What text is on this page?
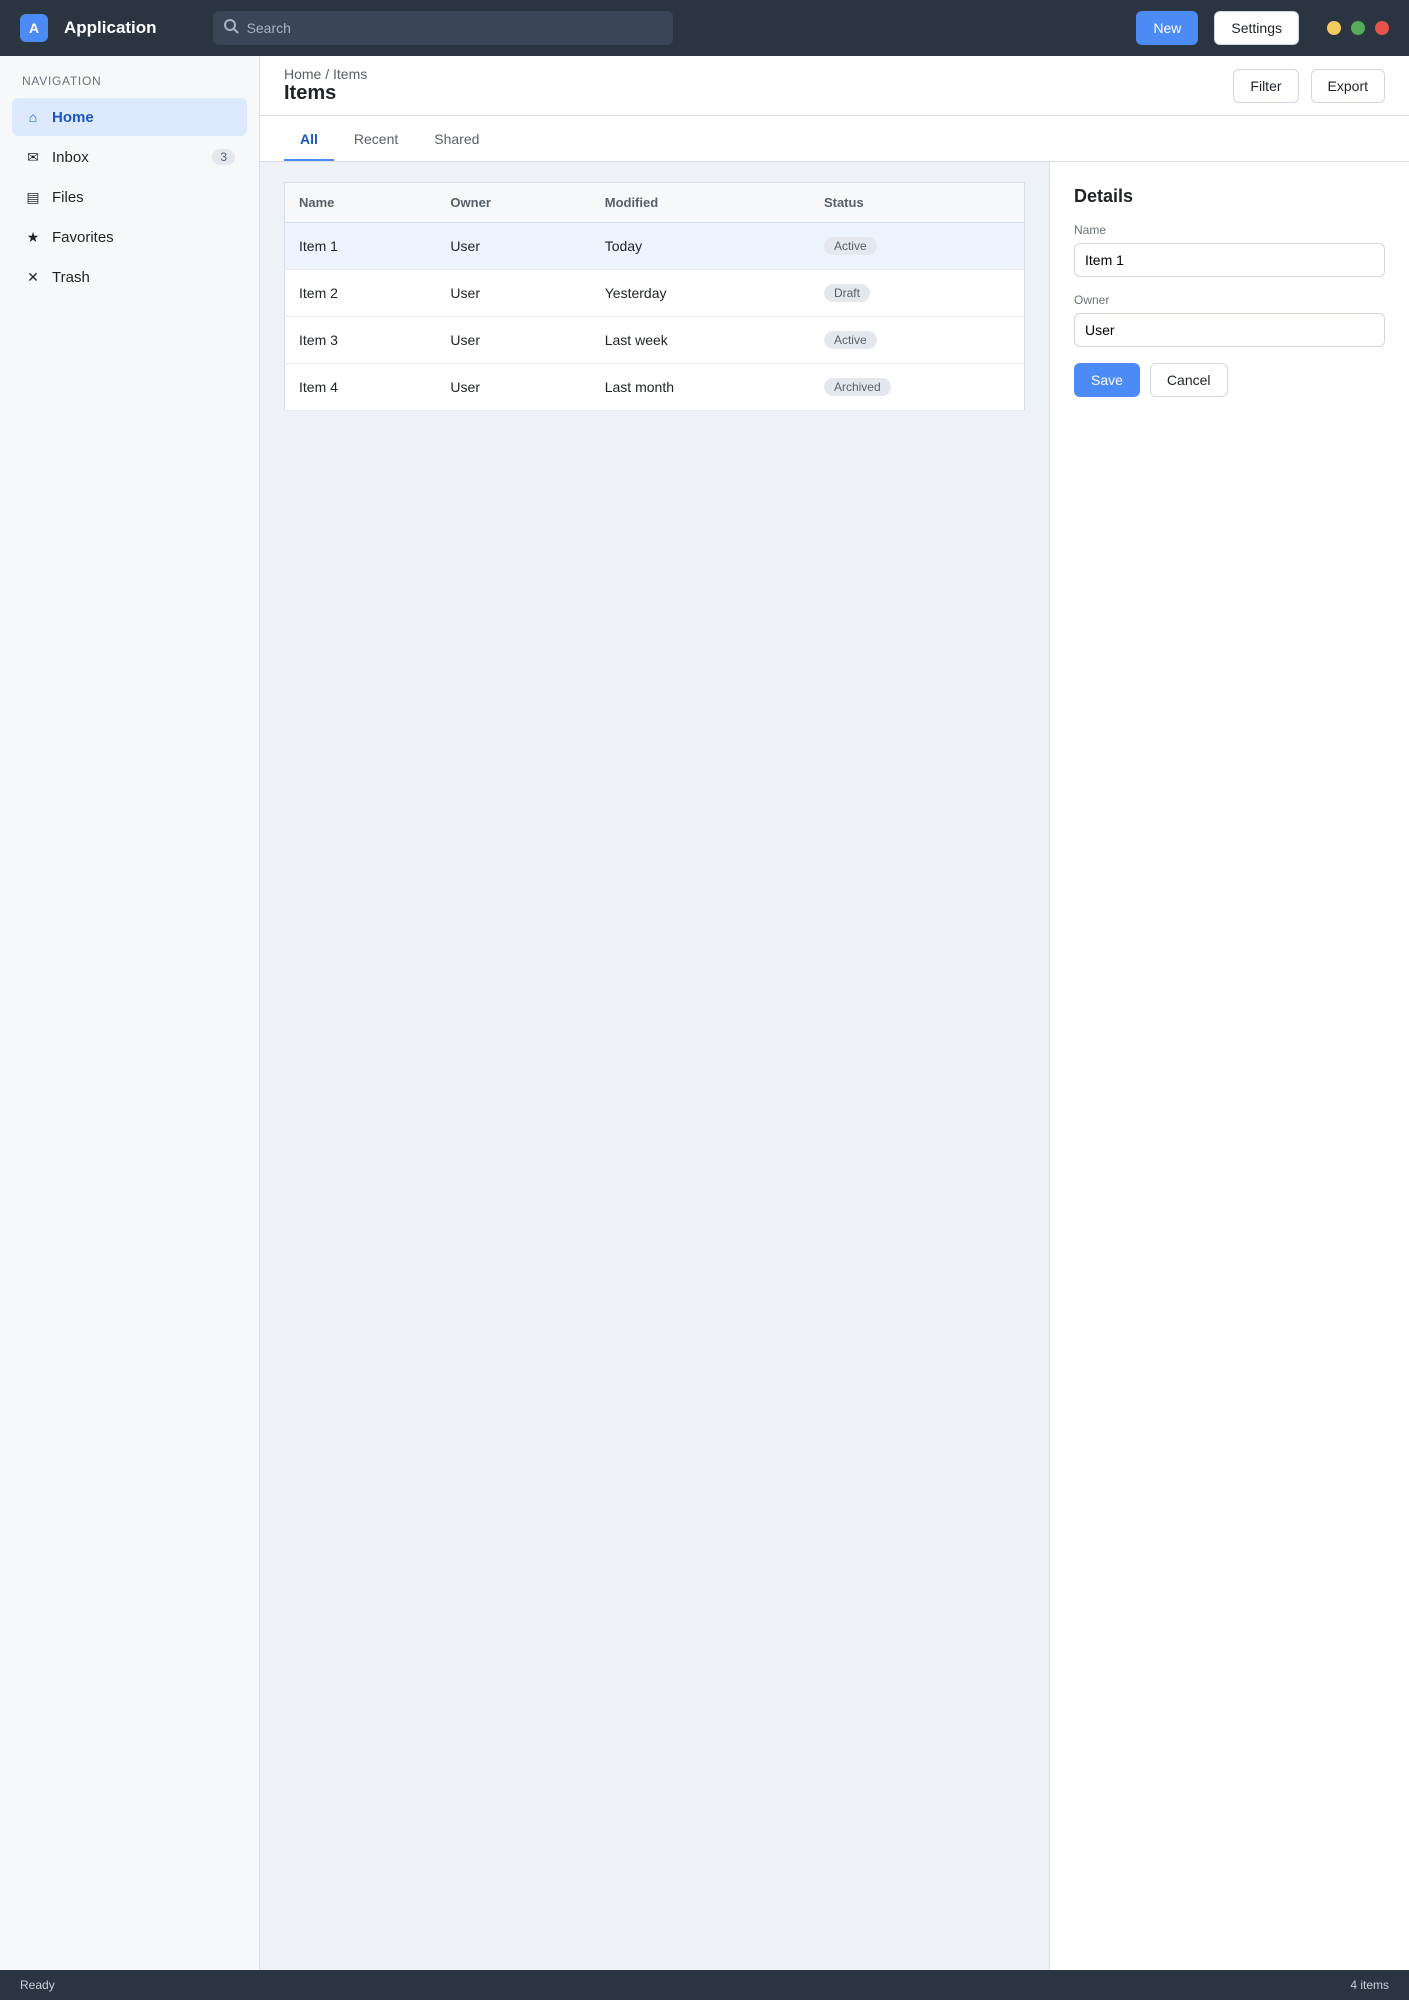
A	Application
Search	New	Settings
NAVIGATION
⌂ Home
✉ Inbox	3
▤ Files
★ Favorites
✕ Trash
Home / Items
Items	Filter	Export
All	Recent	Shared
Name	Owner	Modified	Status
Item 1	User	Today	Active
Item 2	User	Yesterday	Draft
Item 3	User	Last week	Active
Item 4	User	Last month	Archived
Details
Name
Item 1
Owner
User
Save	Cancel
Ready	4 items
